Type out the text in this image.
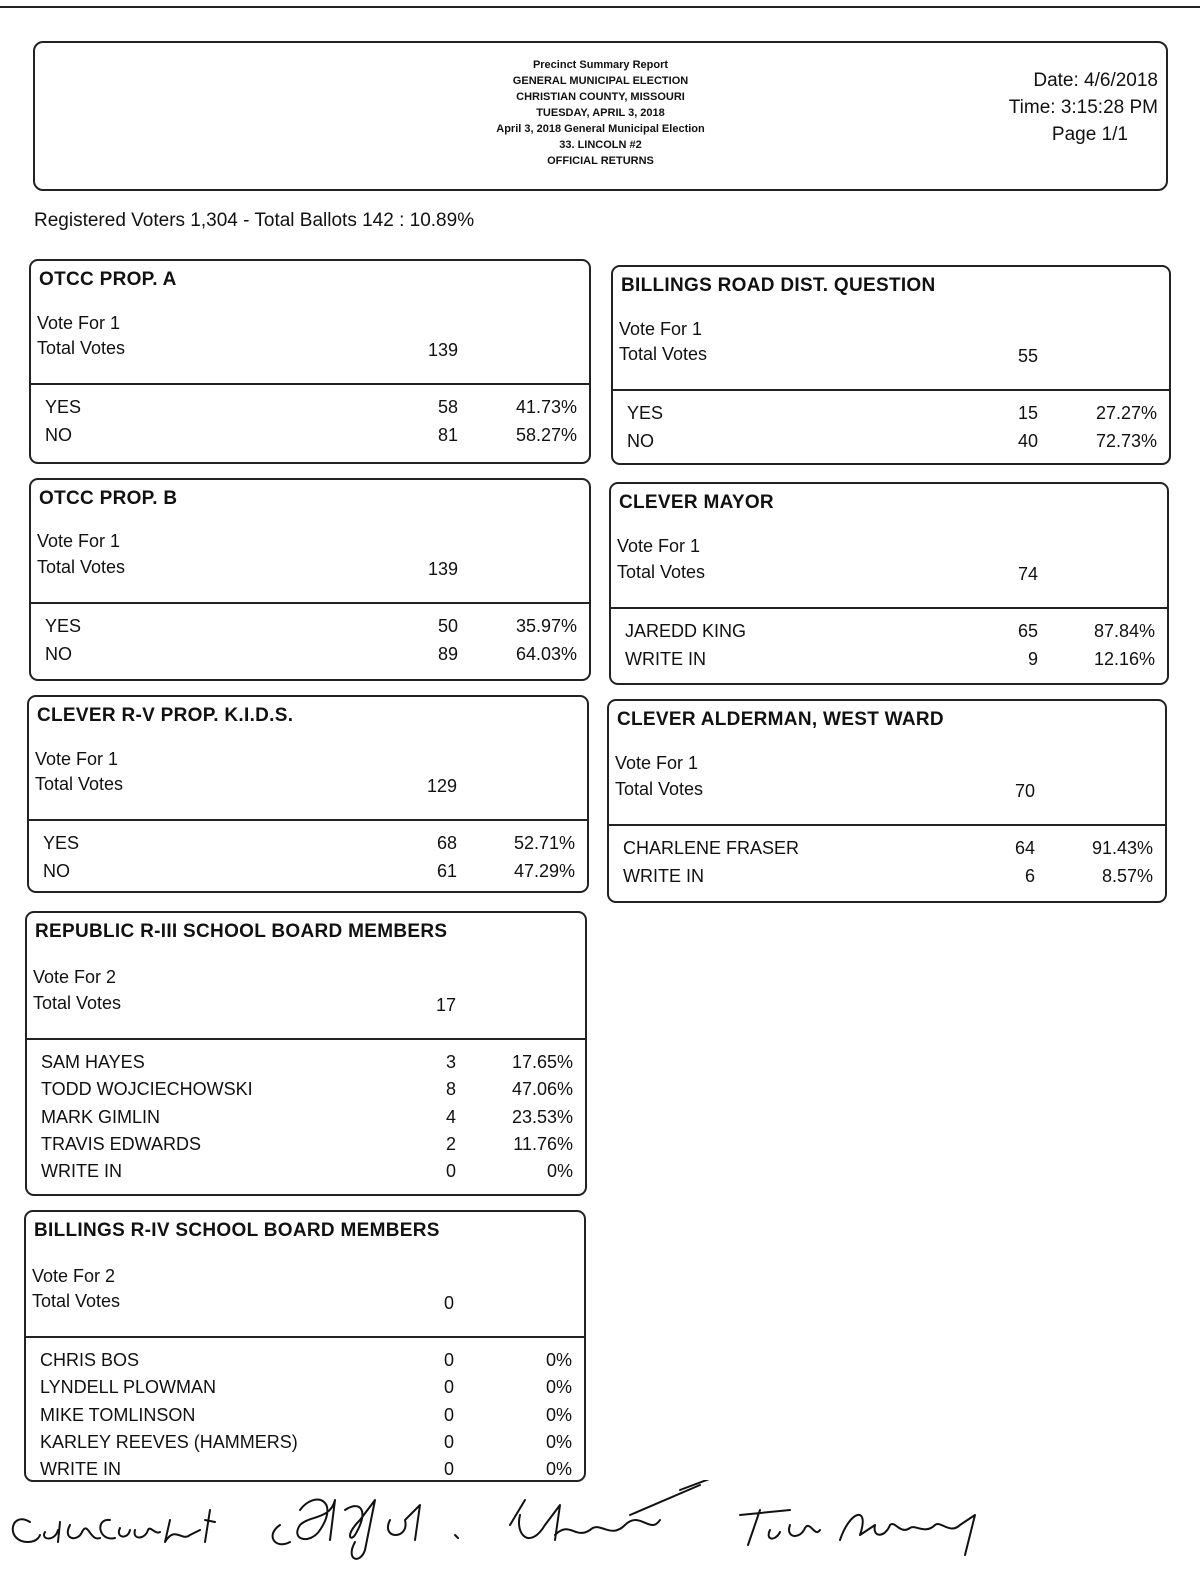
Precinct Summary Report
GENERAL MUNICIPAL ELECTION
CHRISTIAN COUNTY, MISSOURI
TUESDAY, APRIL 3, 2018
April 3, 2018 General Municipal Election
33. LINCOLN #2
OFFICIAL RETURNS
Date: 4/6/2018
Time: 3:15:28 PM
Page 1/1
Registered Voters 1,304 - Total Ballots 142 : 10.89%
OTCC PROP. A
Vote For 1
Total Votes	139
YES	58	41.73%
NO	81	58.27%
OTCC PROP. B
Vote For 1
Total Votes	139
YES	50	35.97%
NO	89	64.03%
CLEVER R-V PROP. K.I.D.S.
Vote For 1
Total Votes	129
YES	68	52.71%
NO	61	47.29%
REPUBLIC R-III SCHOOL BOARD MEMBERS
Vote For 2
Total Votes	17
SAM HAYES	3	17.65%
TODD WOJCIECHOWSKI	8	47.06%
MARK GIMLIN	4	23.53%
TRAVIS EDWARDS	2	11.76%
WRITE IN	0	0%
BILLINGS R-IV SCHOOL BOARD MEMBERS
Vote For 2
Total Votes	0
CHRIS BOS	0	0%
LYNDELL PLOWMAN	0	0%
MIKE TOMLINSON	0	0%
KARLEY REEVES (HAMMERS)	0	0%
WRITE IN	0	0%
BILLINGS ROAD DIST. QUESTION
Vote For 1
Total Votes	55
YES	15	27.27%
NO	40	72.73%
CLEVER MAYOR
Vote For 1
Total Votes	74
JAREDD KING	65	87.84%
WRITE IN	9	12.16%
CLEVER ALDERMAN, WEST WARD
Vote For 1
Total Votes	70
CHARLENE FRASER	64	91.43%
WRITE IN	6	8.57%
